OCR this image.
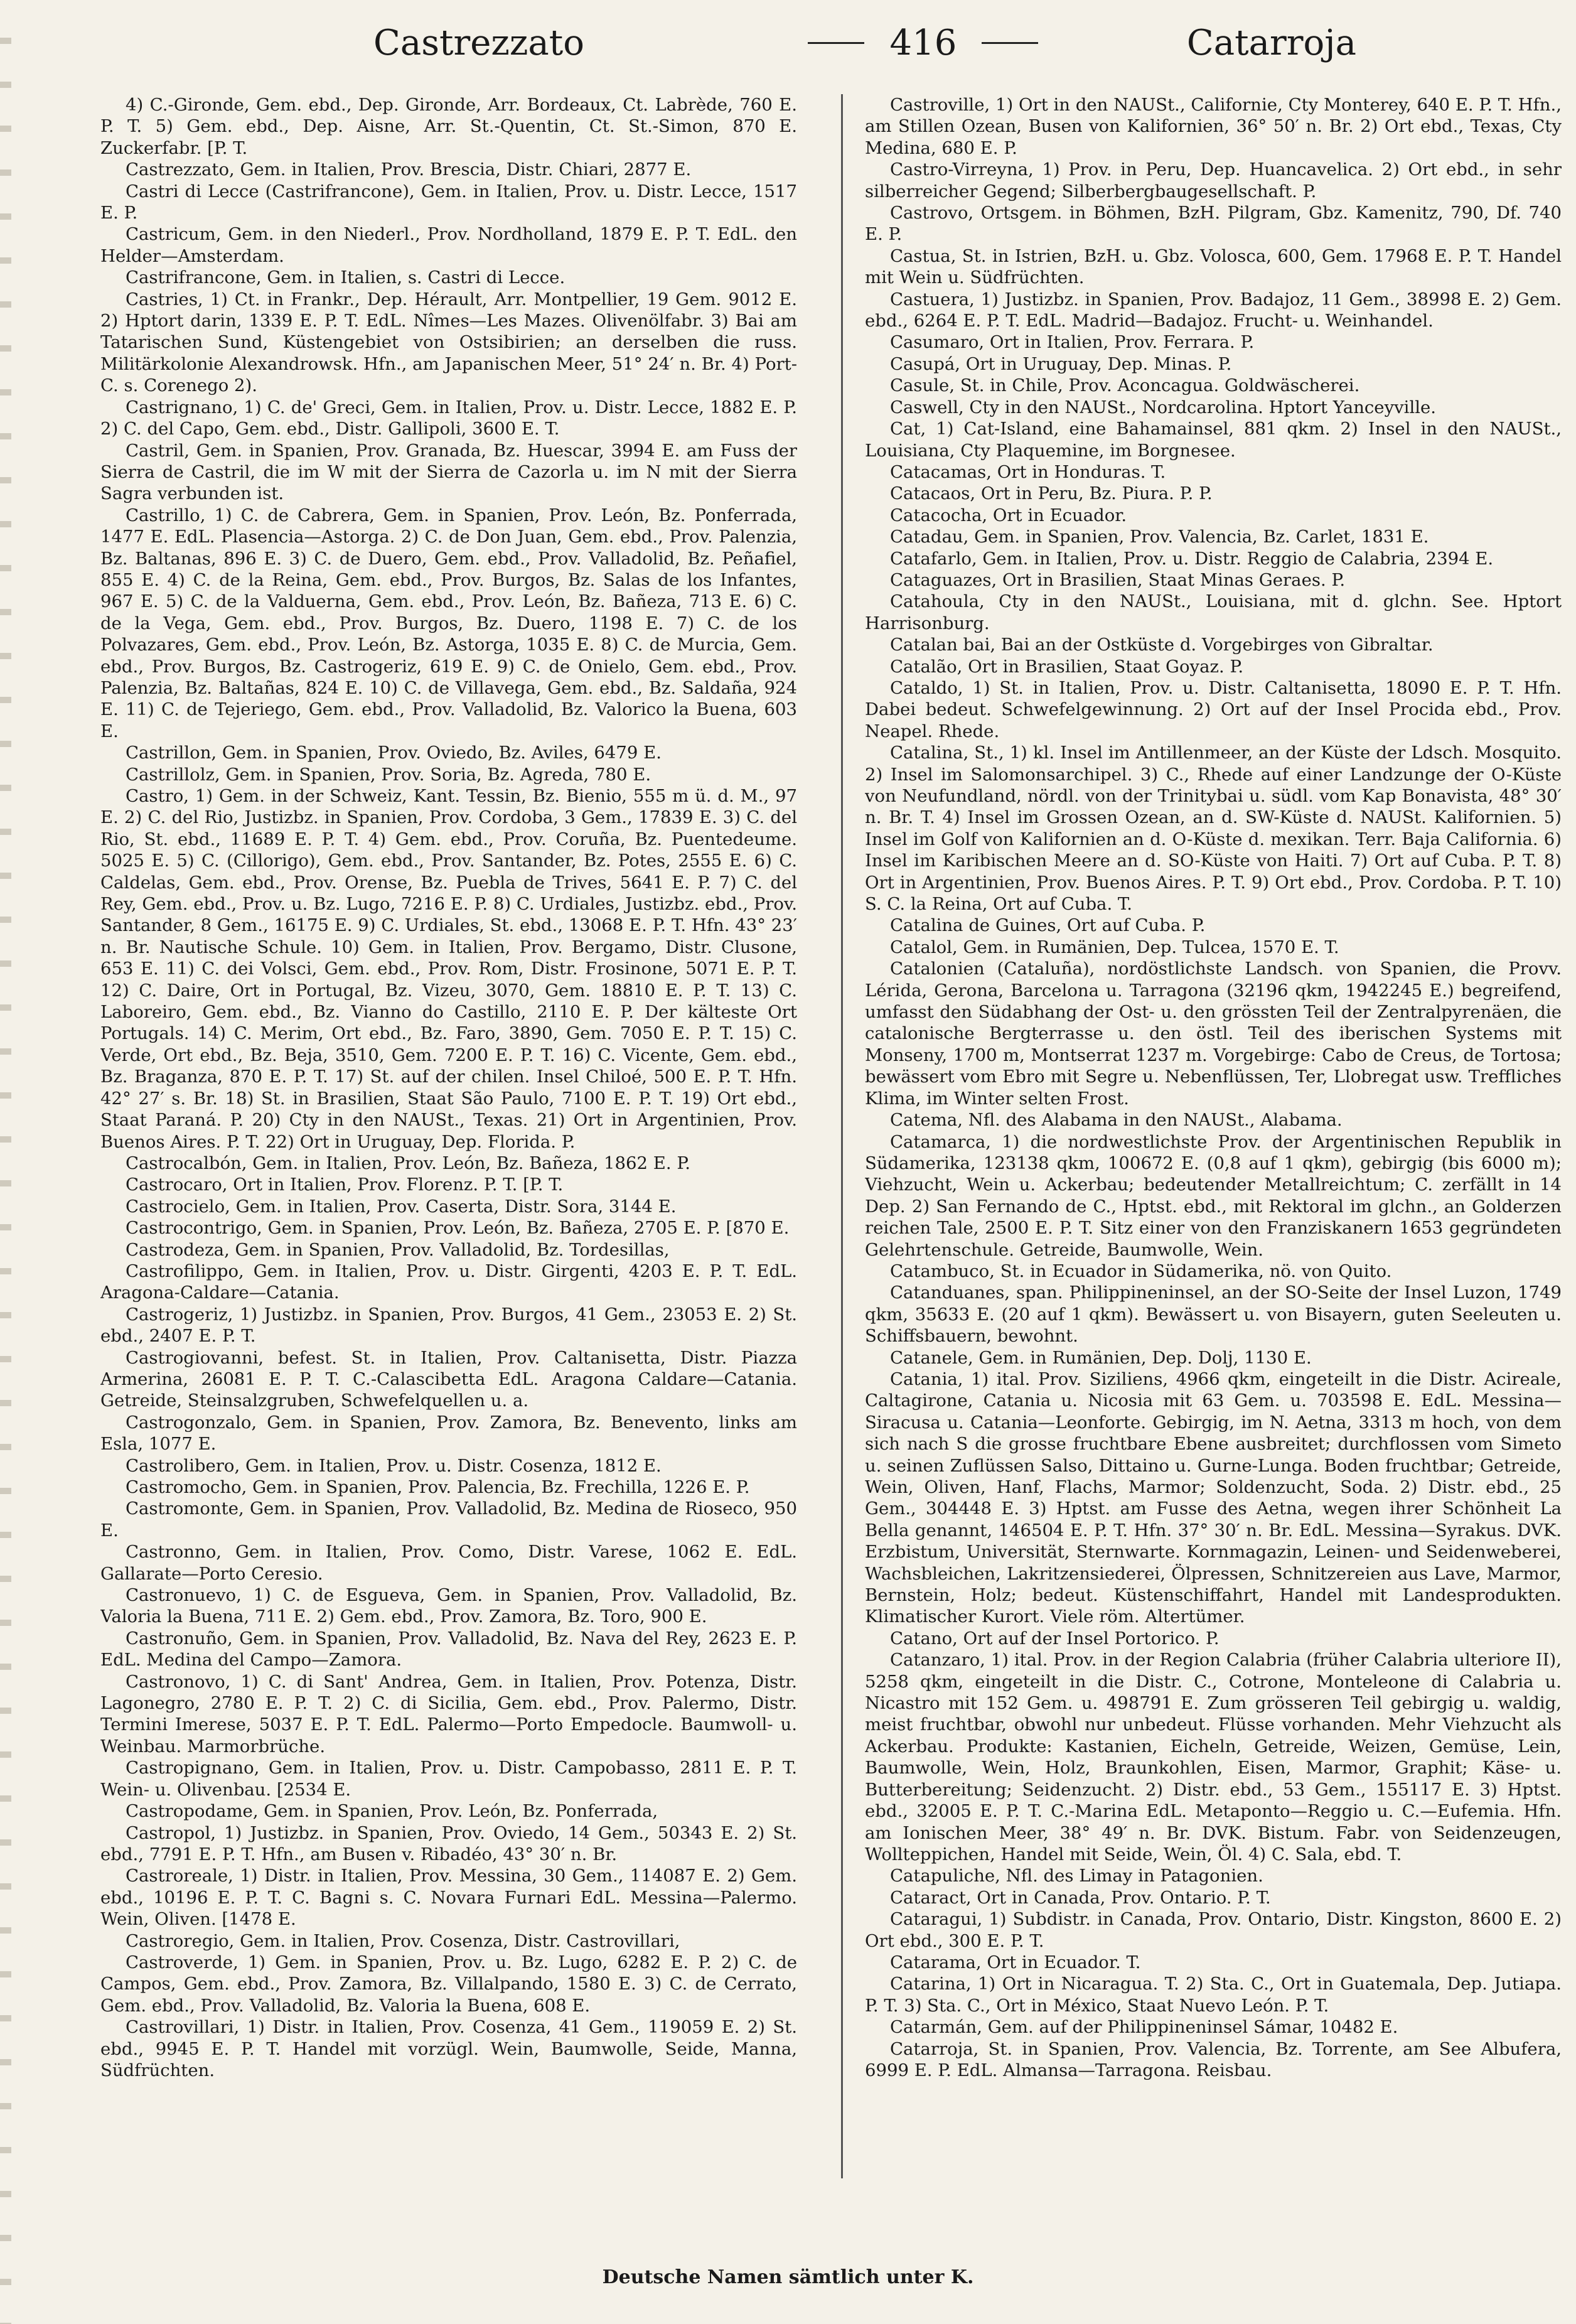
Castrezzato	416	Catarroja

4) C.-Gironde, Gem. ebd., Dep. Gironde, Arr. Bordeaux, Ct. Labrède, 760 E. P. T. 5) Gem. ebd., Dep. Aisne, Arr. St.-Quentin, Ct. St.-Simon, 870 E. Zuckerfabr. [P. T.

Castrezzato, Gem. in Italien, Prov. Brescia, Distr. Chiari, 2877 E.

Castri di Lecce (Castrifrancone), Gem. in Italien, Prov. u. Distr. Lecce, 1517 E. P.

Castricum, Gem. in den Niederl., Prov. Nordholland, 1879 E. P. T. EdL. den Helder—Amsterdam.

Castrifrancone, Gem. in Italien, s. Castri di Lecce.

Castries, 1) Ct. in Frankr., Dep. Hérault, Arr. Montpellier, 19 Gem. 9012 E. 2) Hptort darin, 1339 E. P. T. EdL. Nîmes—Les Mazes. Olivenölfabr. 3) Bai am Tatarischen Sund, Küstengebiet von Ostsibirien; an derselben die russ. Militärkolonie Alexandrowsk. Hfn., am Japanischen Meer, 51° 24′ n. Br. 4) Port-C. s. Corenego 2).

Castrignano, 1) C. de' Greci, Gem. in Italien, Prov. u. Distr. Lecce, 1882 E. P. 2) C. del Capo, Gem. ebd., Distr. Gallipoli, 3600 E. T.

Castril, Gem. in Spanien, Prov. Granada, Bz. Huescar, 3994 E. am Fuss der Sierra de Castril, die im W mit der Sierra de Cazorla u. im N mit der Sierra Sagra verbunden ist.

Castrillo, 1) C. de Cabrera, Gem. in Spanien, Prov. León, Bz. Ponferrada, 1477 E. EdL. Plasencia—Astorga. 2) C. de Don Juan, Gem. ebd., Prov. Palenzia, Bz. Baltanas, 896 E. 3) C. de Duero, Gem. ebd., Prov. Valladolid, Bz. Peñafiel, 855 E. 4) C. de la Reina, Gem. ebd., Prov. Burgos, Bz. Salas de los Infantes, 967 E. 5) C. de la Valduerna, Gem. ebd., Prov. León, Bz. Bañeza, 713 E. 6) C. de la Vega, Gem. ebd., Prov. Burgos, Bz. Duero, 1198 E. 7) C. de los Polvazares, Gem. ebd., Prov. León, Bz. Astorga, 1035 E. 8) C. de Murcia, Gem. ebd., Prov. Burgos, Bz. Castrogeriz, 619 E. 9) C. de Onielo, Gem. ebd., Prov. Palenzia, Bz. Baltañas, 824 E. 10) C. de Villavega, Gem. ebd., Bz. Saldaña, 924 E. 11) C. de Tejeriego, Gem. ebd., Prov. Valladolid, Bz. Valorico la Buena, 603 E.

Castrillon, Gem. in Spanien, Prov. Oviedo, Bz. Aviles, 6479 E.

Castrillolz, Gem. in Spanien, Prov. Soria, Bz. Agreda, 780 E.

Castro, 1) Gem. in der Schweiz, Kant. Tessin, Bz. Bienio, 555 m ü. d. M., 97 E. 2) C. del Rio, Justizbz. in Spanien, Prov. Cordoba, 3 Gem., 17839 E. 3) C. del Rio, St. ebd., 11689 E. P. T. 4) Gem. ebd., Prov. Coruña, Bz. Puentedeume. 5025 E. 5) C. (Cillorigo), Gem. ebd., Prov. Santander, Bz. Potes, 2555 E. 6) C. Caldelas, Gem. ebd., Prov. Orense, Bz. Puebla de Trives, 5641 E. P. 7) C. del Rey, Gem. ebd., Prov. u. Bz. Lugo, 7216 E. P. 8) C. Urdiales, Justizbz. ebd., Prov. Santander, 8 Gem., 16175 E. 9) C. Urdiales, St. ebd., 13068 E. P. T. Hfn. 43° 23′ n. Br. Nautische Schule. 10) Gem. in Italien, Prov. Bergamo, Distr. Clusone, 653 E. 11) C. dei Volsci, Gem. ebd., Prov. Rom, Distr. Frosinone, 5071 E. P. T. 12) C. Daire, Ort in Portugal, Bz. Vizeu, 3070, Gem. 18810 E. P. T. 13) C. Laboreiro, Gem. ebd., Bz. Vianno do Castillo, 2110 E. P. Der kälteste Ort Portugals. 14) C. Merim, Ort ebd., Bz. Faro, 3890, Gem. 7050 E. P. T. 15) C. Verde, Ort ebd., Bz. Beja, 3510, Gem. 7200 E. P. T. 16) C. Vicente, Gem. ebd., Bz. Braganza, 870 E. P. T. 17) St. auf der chilen. Insel Chiloé, 500 E. P. T. Hfn. 42° 27′ s. Br. 18) St. in Brasilien, Staat São Paulo, 7100 E. P. T. 19) Ort ebd., Staat Paraná. P. 20) Cty in den NAUSt., Texas. 21) Ort in Argentinien, Prov. Buenos Aires. P. T. 22) Ort in Uruguay, Dep. Florida. P.

Castrocalbón, Gem. in Italien, Prov. León, Bz. Bañeza, 1862 E. P.

Castrocaro, Ort in Italien, Prov. Florenz. P. T. [P. T.

Castrocielo, Gem. in Italien, Prov. Caserta, Distr. Sora, 3144 E.

Castrocontrigo, Gem. in Spanien, Prov. León, Bz. Bañeza, 2705 E. P. [870 E.

Castrodeza, Gem. in Spanien, Prov. Valladolid, Bz. Tordesillas,

Castrofilippo, Gem. in Italien, Prov. u. Distr. Girgenti, 4203 E. P. T. EdL. Aragona-Caldare—Catania.

Castrogeriz, 1) Justizbz. in Spanien, Prov. Burgos, 41 Gem., 23053 E. 2) St. ebd., 2407 E. P. T.

Castrogiovanni, befest. St. in Italien, Prov. Caltanisetta, Distr. Piazza Armerina, 26081 E. P. T. C.-Calascibetta EdL. Aragona Caldare—Catania. Getreide, Steinsalzgruben, Schwefelquellen u. a.

Castrogonzalo, Gem. in Spanien, Prov. Zamora, Bz. Benevento, links am Esla, 1077 E.

Castrolibero, Gem. in Italien, Prov. u. Distr. Cosenza, 1812 E.

Castromocho, Gem. in Spanien, Prov. Palencia, Bz. Frechilla, 1226 E. P.

Castromonte, Gem. in Spanien, Prov. Valladolid, Bz. Medina de Rioseco, 950 E.

Castronno, Gem. in Italien, Prov. Como, Distr. Varese, 1062 E. EdL. Gallarate—Porto Ceresio.

Castronuevo, 1) C. de Esgueva, Gem. in Spanien, Prov. Valladolid, Bz. Valoria la Buena, 711 E. 2) Gem. ebd., Prov. Zamora, Bz. Toro, 900 E.

Castronuño, Gem. in Spanien, Prov. Valladolid, Bz. Nava del Rey, 2623 E. P. EdL. Medina del Campo—Zamora.

Castronovo, 1) C. di Sant' Andrea, Gem. in Italien, Prov. Potenza, Distr. Lagonegro, 2780 E. P. T. 2) C. di Sicilia, Gem. ebd., Prov. Palermo, Distr. Termini Imerese, 5037 E. P. T. EdL. Palermo—Porto Empedocle. Baumwoll- u. Weinbau. Marmorbrüche.

Castropignano, Gem. in Italien, Prov. u. Distr. Campobasso, 2811 E. P. T. Wein- u. Olivenbau. [2534 E.

Castropodame, Gem. in Spanien, Prov. León, Bz. Ponferrada,

Castropol, 1) Justizbz. in Spanien, Prov. Oviedo, 14 Gem., 50343 E. 2) St. ebd., 7791 E. P. T. Hfn., am Busen v. Ribadéo, 43° 30′ n. Br.

Castroreale, 1) Distr. in Italien, Prov. Messina, 30 Gem., 114087 E. 2) Gem. ebd., 10196 E. P. T. C. Bagni s. C. Novara Furnari EdL. Messina—Palermo. Wein, Oliven. [1478 E.

Castroregio, Gem. in Italien, Prov. Cosenza, Distr. Castrovillari,

Castroverde, 1) Gem. in Spanien, Prov. u. Bz. Lugo, 6282 E. P. 2) C. de Campos, Gem. ebd., Prov. Zamora, Bz. Villalpando, 1580 E. 3) C. de Cerrato, Gem. ebd., Prov. Valladolid, Bz. Valoria la Buena, 608 E.

Castrovillari, 1) Distr. in Italien, Prov. Cosenza, 41 Gem., 119059 E. 2) St. ebd., 9945 E. P. T. Handel mit vorzügl. Wein, Baumwolle, Seide, Manna, Südfrüchten.

Castroville, 1) Ort in den NAUSt., Californie, Cty Monterey, 640 E. P. T. Hfn., am Stillen Ozean, Busen von Kalifornien, 36° 50′ n. Br. 2) Ort ebd., Texas, Cty Medina, 680 E. P.

Castro-Virreyna, 1) Prov. in Peru, Dep. Huancavelica. 2) Ort ebd., in sehr silberreicher Gegend; Silberbergbaugesellschaft. P.

Castrovo, Ortsgem. in Böhmen, BzH. Pilgram, Gbz. Kamenitz, 790, Df. 740 E. P.

Castua, St. in Istrien, BzH. u. Gbz. Volosca, 600, Gem. 17968 E. P. T. Handel mit Wein u. Südfrüchten.

Castuera, 1) Justizbz. in Spanien, Prov. Badajoz, 11 Gem., 38998 E. 2) Gem. ebd., 6264 E. P. T. EdL. Madrid—Badajoz. Frucht- u. Weinhandel.

Casumaro, Ort in Italien, Prov. Ferrara. P.

Casupá, Ort in Uruguay, Dep. Minas. P.

Casule, St. in Chile, Prov. Aconcagua. Goldwäscherei.

Caswell, Cty in den NAUSt., Nordcarolina. Hptort Yanceyville.

Cat, 1) Cat-Island, eine Bahamainsel, 881 qkm. 2) Insel in den NAUSt., Louisiana, Cty Plaquemine, im Borgnesee.

Catacamas, Ort in Honduras. T.

Catacaos, Ort in Peru, Bz. Piura. P. P.

Catacocha, Ort in Ecuador.

Catadau, Gem. in Spanien, Prov. Valencia, Bz. Carlet, 1831 E.

Catafarlo, Gem. in Italien, Prov. u. Distr. Reggio de Calabria, 2394 E.

Cataguazes, Ort in Brasilien, Staat Minas Geraes. P.

Catahoula, Cty in den NAUSt., Louisiana, mit d. glchn. See. Hptort Harrisonburg.

Catalan bai, Bai an der Ostküste d. Vorgebirges von Gibraltar.

Catalão, Ort in Brasilien, Staat Goyaz. P.

Cataldo, 1) St. in Italien, Prov. u. Distr. Caltanisetta, 18090 E. P. T. Hfn. Dabei bedeut. Schwefelgewinnung. 2) Ort auf der Insel Procida ebd., Prov. Neapel. Rhede.

Catalina, St., 1) kl. Insel im Antillenmeer, an der Küste der Ldsch. Mosquito. 2) Insel im Salomonsarchipel. 3) C., Rhede auf einer Landzunge der O-Küste von Neufundland, nördl. von der Trinitybai u. südl. vom Kap Bonavista, 48° 30′ n. Br. T. 4) Insel im Grossen Ozean, an d. SW-Küste d. NAUSt. Kalifornien. 5) Insel im Golf von Kalifornien an d. O-Küste d. mexikan. Terr. Baja California. 6) Insel im Karibischen Meere an d. SO-Küste von Haiti. 7) Ort auf Cuba. P. T. 8) Ort in Argentinien, Prov. Buenos Aires. P. T. 9) Ort ebd., Prov. Cordoba. P. T. 10) S. C. la Reina, Ort auf Cuba. T.

Catalina de Guines, Ort auf Cuba. P.

Catalol, Gem. in Rumänien, Dep. Tulcea, 1570 E. T.

Catalonien (Cataluña), nordöstlichste Landsch. von Spanien, die Provv. Lérida, Gerona, Barcelona u. Tarragona (32196 qkm, 1942245 E.) begreifend, umfasst den Südabhang der Ost- u. den grössten Teil der Zentralpyrenäen, die catalonische Bergterrasse u. den östl. Teil des iberischen Systems mit Monseny, 1700 m, Montserrat 1237 m. Vorgebirge: Cabo de Creus, de Tortosa; bewässert vom Ebro mit Segre u. Nebenflüssen, Ter, Llobregat usw. Treffliches Klima, im Winter selten Frost.

Catema, Nfl. des Alabama in den NAUSt., Alabama.

Catamarca, 1) die nordwestlichste Prov. der Argentinischen Republik in Südamerika, 123138 qkm, 100672 E. (0,8 auf 1 qkm), gebirgig (bis 6000 m); Viehzucht, Wein u. Ackerbau; bedeutender Metallreichtum; C. zerfällt in 14 Dep. 2) San Fernando de C., Hptst. ebd., mit Rektoral im glchn., an Golderzen reichen Tale, 2500 E. P. T. Sitz einer von den Franziskanern 1653 gegründeten Gelehrtenschule. Getreide, Baumwolle, Wein.

Catambuco, St. in Ecuador in Südamerika, nö. von Quito.

Catanduanes, span. Philippineninsel, an der SO-Seite der Insel Luzon, 1749 qkm, 35633 E. (20 auf 1 qkm). Bewässert u. von Bisayern, guten Seeleuten u. Schiffsbauern, bewohnt.

Catanele, Gem. in Rumänien, Dep. Dolj, 1130 E.

Catania, 1) ital. Prov. Siziliens, 4966 qkm, eingeteilt in die Distr. Acireale, Caltagirone, Catania u. Nicosia mit 63 Gem. u. 703598 E. EdL. Messina—Siracusa u. Catania—Leonforte. Gebirgig, im N. Aetna, 3313 m hoch, von dem sich nach S die grosse fruchtbare Ebene ausbreitet; durchflossen vom Simeto u. seinen Zuflüssen Salso, Dittaino u. Gurne-Lunga. Boden fruchtbar; Getreide, Wein, Oliven, Hanf, Flachs, Marmor; Soldenzucht, Soda. 2) Distr. ebd., 25 Gem., 304448 E. 3) Hptst. am Fusse des Aetna, wegen ihrer Schönheit La Bella genannt, 146504 E. P. T. Hfn. 37° 30′ n. Br. EdL. Messina—Syrakus. DVK. Erzbistum, Universität, Sternwarte. Kornmagazin, Leinen- und Seidenweberei, Wachsbleichen, Lakritzensiederei, Ölpressen, Schnitzereien aus Lave, Marmor, Bernstein, Holz; bedeut. Küstenschiffahrt, Handel mit Landesprodukten. Klimatischer Kurort. Viele röm. Altertümer.

Catano, Ort auf der Insel Portorico. P.

Catanzaro, 1) ital. Prov. in der Region Calabria (früher Calabria ulteriore II), 5258 qkm, eingeteilt in die Distr. C., Cotrone, Monteleone di Calabria u. Nicastro mit 152 Gem. u. 498791 E. Zum grösseren Teil gebirgig u. waldig, meist fruchtbar, obwohl nur unbedeut. Flüsse vorhanden. Mehr Viehzucht als Ackerbau. Produkte: Kastanien, Eicheln, Getreide, Weizen, Gemüse, Lein, Baumwolle, Wein, Holz, Braunkohlen, Eisen, Marmor, Graphit; Käse- u. Butterbereitung; Seidenzucht. 2) Distr. ebd., 53 Gem., 155117 E. 3) Hptst. ebd., 32005 E. P. T. C.-Marina EdL. Metaponto—Reggio u. C.—Eufemia. Hfn. am Ionischen Meer, 38° 49′ n. Br. DVK. Bistum. Fabr. von Seidenzeugen, Wollteppichen, Handel mit Seide, Wein, Öl. 4) C. Sala, ebd. T.

Catapuliche, Nfl. des Limay in Patagonien.

Cataract, Ort in Canada, Prov. Ontario. P. T.

Cataragui, 1) Subdistr. in Canada, Prov. Ontario, Distr. Kingston, 8600 E. 2) Ort ebd., 300 E. P. T.

Catarama, Ort in Ecuador. T.

Catarina, 1) Ort in Nicaragua. T. 2) Sta. C., Ort in Guatemala, Dep. Jutiapa. P. T. 3) Sta. C., Ort in México, Staat Nuevo León. P. T.

Catarmán, Gem. auf der Philippineninsel Sámar, 10482 E.

Catarroja, St. in Spanien, Prov. Valencia, Bz. Torrente, am See Albufera, 6999 E. P. EdL. Almansa—Tarragona. Reisbau.

Deutsche Namen sämtlich unter K.
